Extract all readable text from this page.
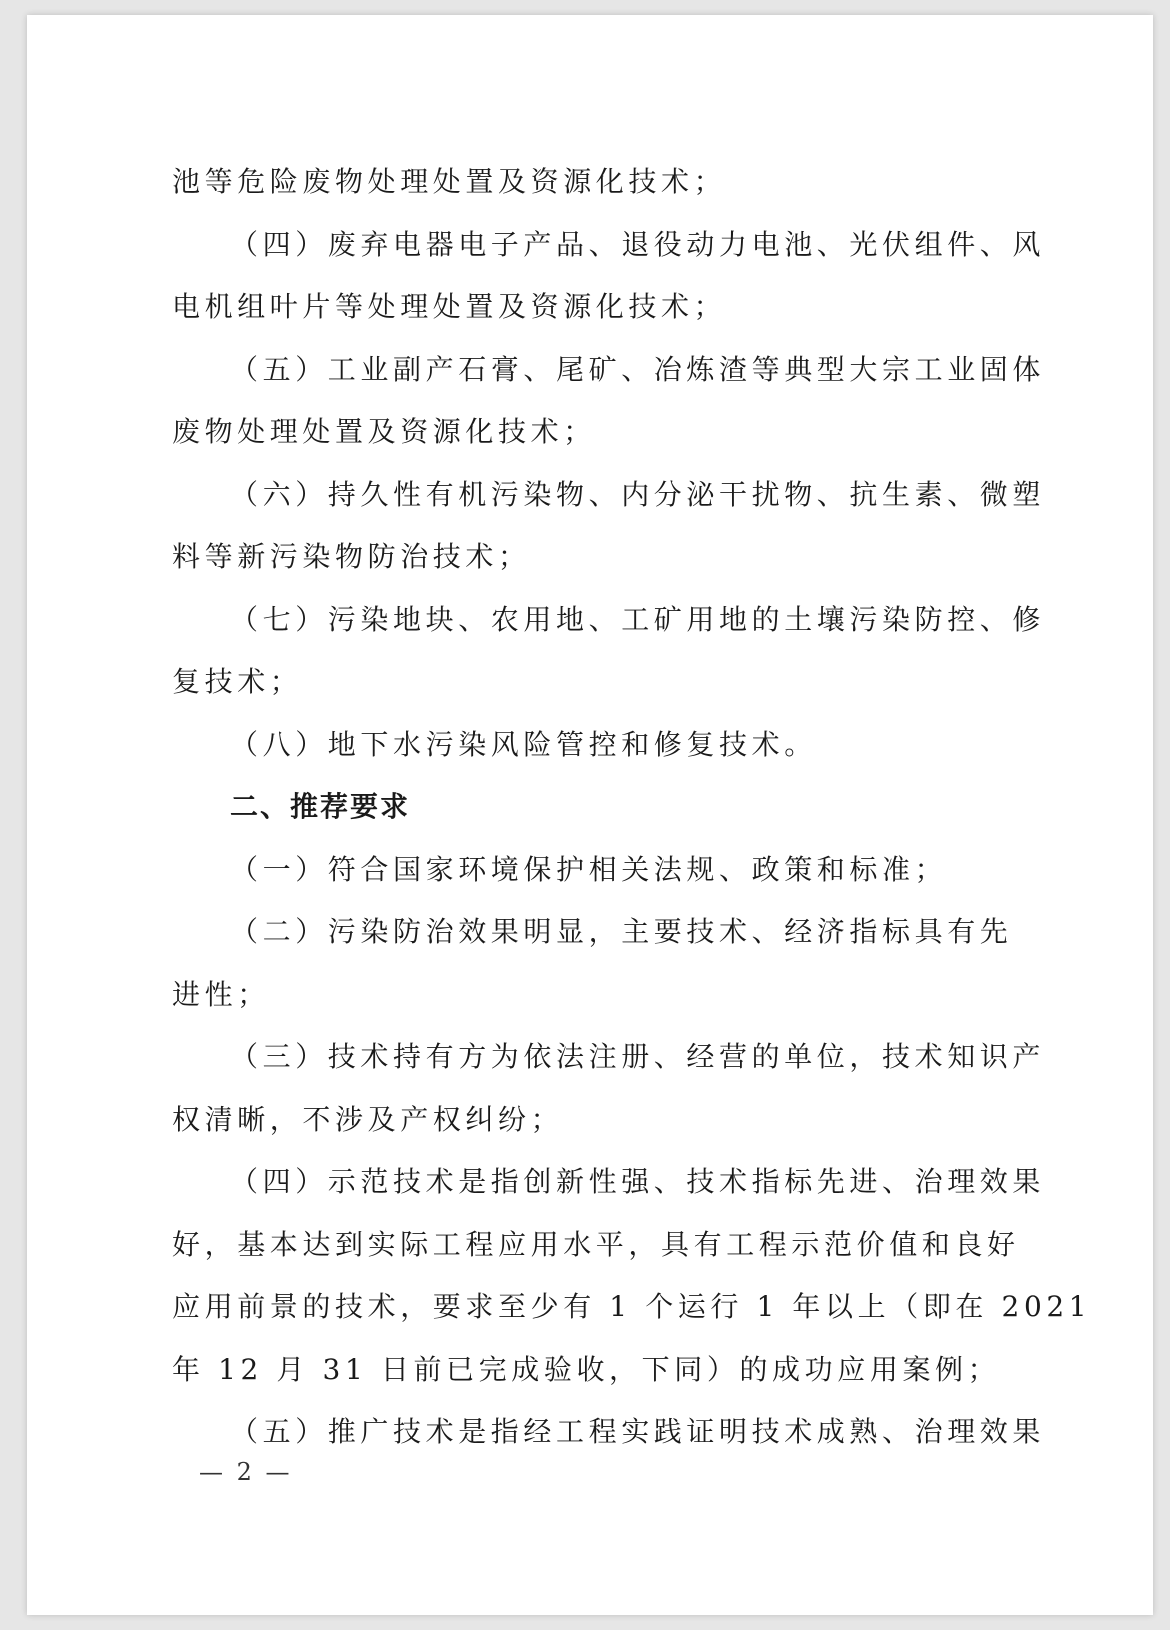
池等危险废物处理处置及资源化技术；
（四）废弃电器电子产品、退役动力电池、光伏组件、风
电机组叶片等处理处置及资源化技术；
（五）工业副产石膏、尾矿、冶炼渣等典型大宗工业固体
废物处理处置及资源化技术；
（六）持久性有机污染物、内分泌干扰物、抗生素、微塑
料等新污染物防治技术；
（七）污染地块、农用地、工矿用地的土壤污染防控、修
复技术；
（八）地下水污染风险管控和修复技术。
二、推荐要求
（一）符合国家环境保护相关法规、政策和标准；
（二）污染防治效果明显，主要技术、经济指标具有先
进性；
（三）技术持有方为依法注册、经营的单位，技术知识产
权清晰，不涉及产权纠纷；
（四）示范技术是指创新性强、技术指标先进、治理效果
好，基本达到实际工程应用水平，具有工程示范价值和良好
应用前景的技术，要求至少有 1 个运行 1 年以上（即在 2021
年 12 月 31 日前已完成验收，下同）的成功应用案例；
（五）推广技术是指经工程实践证明技术成熟、治理效果
— 2 —
